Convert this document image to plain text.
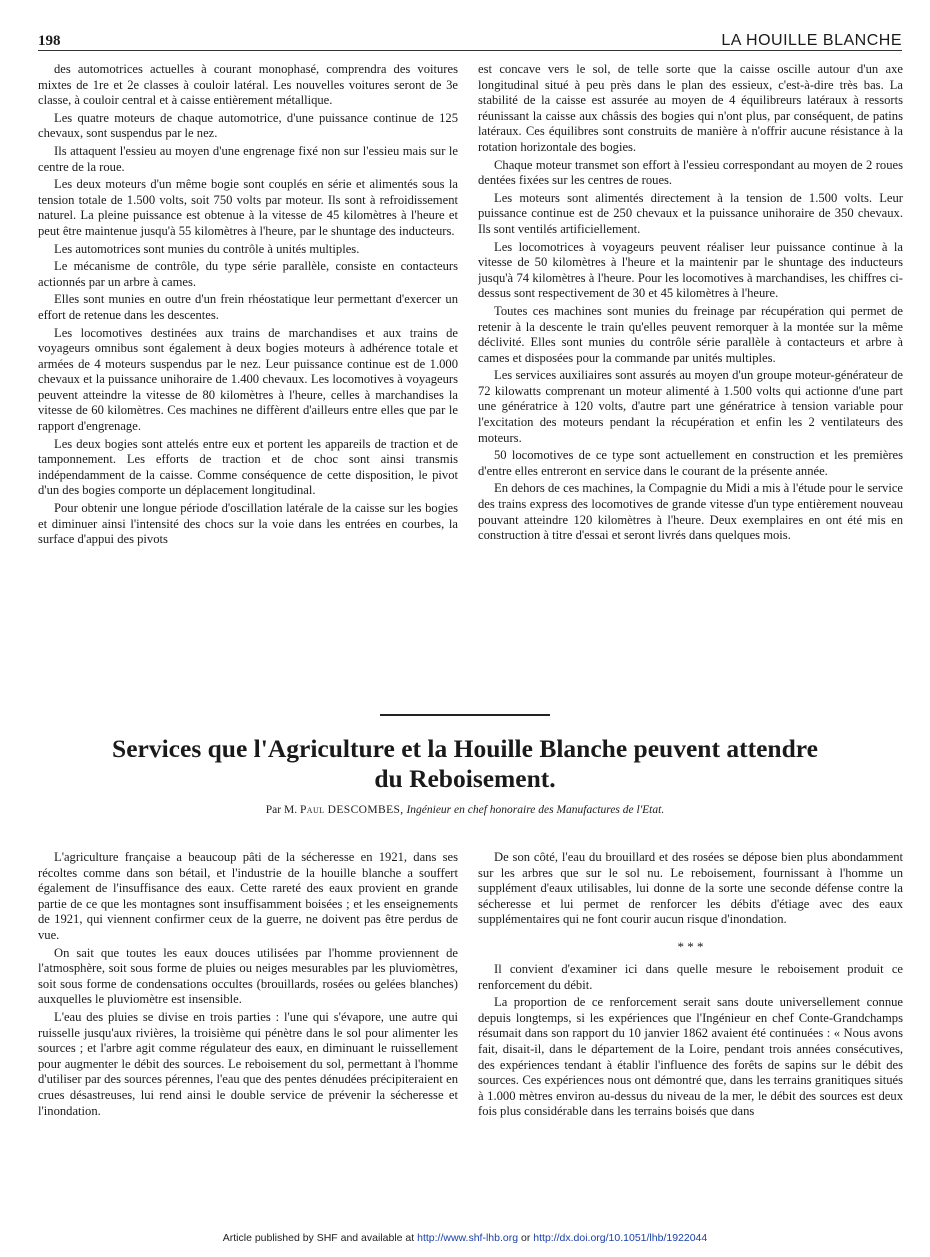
198	LA HOUILLE BLANCHE

des automotrices actuelles à courant monophasé, comprendra des voitures mixtes de 1re et 2e classes à couloir latéral. Les nouvelles voitures seront de 3e classe, à couloir central et à caisse entièrement métallique.

Les quatre moteurs de chaque automotrice, d'une puissance continue de 125 chevaux, sont suspendus par le nez.

Ils attaquent l'essieu au moyen d'une engrenage fixé non sur l'essieu mais sur le centre de la roue.

Les deux moteurs d'un même bogie sont couplés en série et alimentés sous la tension totale de 1.500 volts, soit 750 volts par moteur. Ils sont à refroidissement naturel. La pleine puissance est obtenue à la vitesse de 45 kilomètres à l'heure et peut être maintenue jusqu'à 55 kilomètres à l'heure, par le shuntage des inducteurs.

Les automotrices sont munies du contrôle à unités multiples.

Le mécanisme de contrôle, du type série parallèle, consiste en contacteurs actionnés par un arbre à cames.

Elles sont munies en outre d'un frein rhéostatique leur permettant d'exercer un effort de retenue dans les descentes.

Les locomotives destinées aux trains de marchandises et aux trains de voyageurs omnibus sont également à deux bogies moteurs à adhérence totale et armées de 4 moteurs suspendus par le nez. Leur puissance continue est de 1.000 chevaux et la puissance unihoraire de 1.400 chevaux. Les locomotives à voyageurs peuvent atteindre la vitesse de 80 kilomètres à l'heure, celles à marchandises la vitesse de 60 kilomètres. Ces machines ne diffèrent d'ailleurs entre elles que par le rapport d'engrenage.

Les deux bogies sont attelés entre eux et portent les appareils de traction et de tamponnement. Les efforts de traction et de choc sont ainsi transmis indépendamment de la caisse. Comme conséquence de cette disposition, le pivot d'un des bogies comporte un déplacement longitudinal.

Pour obtenir une longue période d'oscillation latérale de la caisse sur les bogies et diminuer ainsi l'intensité des chocs sur la voie dans les entrées en courbes, la surface d'appui des pivots

est concave vers le sol, de telle sorte que la caisse oscille autour d'un axe longitudinal situé à peu près dans le plan des essieux, c'est-à-dire très bas. La stabilité de la caisse est assurée au moyen de 4 équilibreurs latéraux à ressorts réunissant la caisse aux châssis des bogies qui n'ont plus, par conséquent, de patins latéraux. Ces équilibres sont construits de manière à n'offrir aucune résistance à la rotation horizontale des bogies.

Chaque moteur transmet son effort à l'essieu correspondant au moyen de 2 roues dentées fixées sur les centres de roues.

Les moteurs sont alimentés directement à la tension de 1.500 volts. Leur puissance continue est de 250 chevaux et la puissance unihoraire de 350 chevaux. Ils sont ventilés artificiellement.

Les locomotrices à voyageurs peuvent réaliser leur puissance continue à la vitesse de 50 kilomètres à l'heure et la maintenir par le shuntage des inducteurs jusqu'à 74 kilomètres à l'heure. Pour les locomotives à marchandises, les chiffres ci-dessus sont respectivement de 30 et 45 kilomètres à l'heure.

Toutes ces machines sont munies du freinage par récupération qui permet de retenir à la descente le train qu'elles peuvent remorquer à la montée sur la même déclivité. Elles sont munies du contrôle série parallèle à contacteurs et arbre à cames et disposées pour la commande par unités multiples.

Les services auxiliaires sont assurés au moyen d'un groupe moteur-générateur de 72 kilowatts comprenant un moteur alimenté à 1.500 volts qui actionne d'une part une génératrice à 120 volts, d'autre part une génératrice à tension variable pour l'excitation des moteurs pendant la récupération et enfin les 2 ventilateurs des moteurs.

50 locomotives de ce type sont actuellement en construction et les premières d'entre elles entreront en service dans le courant de la présente année.

En dehors de ces machines, la Compagnie du Midi a mis à l'étude pour le service des trains express des locomotives de grande vitesse d'un type entièrement nouveau pouvant atteindre 120 kilomètres à l'heure. Deux exemplaires en ont été mis en construction à titre d'essai et seront livrés dans quelques mois.

Services que l'Agriculture et la Houille Blanche peuvent attendre
du Reboisement.
Par M. Paul DESCOMBES, Ingénieur en chef honoraire des Manufactures de l'Etat.

L'agriculture française a beaucoup pâti de la sécheresse en 1921, dans ses récoltes comme dans son bétail, et l'industrie de la houille blanche a souffert également de l'insuffisance des eaux. Cette rareté des eaux provient en grande partie de ce que les montagnes sont insuffisamment boisées ; et les enseignements de 1921, qui viennent confirmer ceux de la guerre, ne doivent pas être perdus de vue.

On sait que toutes les eaux douces utilisées par l'homme proviennent de l'atmosphère, soit sous forme de pluies ou neiges mesurables par les pluviomètres, soit sous forme de condensations occultes (brouillards, rosées ou gelées blanches) auxquelles le pluviomètre est insensible.

L'eau des pluies se divise en trois parties : l'une qui s'évapore, une autre qui ruisselle jusqu'aux rivières, la troisième qui pénètre dans le sol pour alimenter les sources ; et l'arbre agit comme régulateur des eaux, en diminuant le ruissellement pour augmenter le débit des sources. Le reboisement du sol, permettant à l'homme d'utiliser par des sources pérennes, l'eau que des pentes dénudées précipiteraient en crues désastreuses, lui rend ainsi le double service de prévenir la sécheresse et l'inondation.

De son côté, l'eau du brouillard et des rosées se dépose bien plus abondamment sur les arbres que sur le sol nu. Le reboisement, fournissant à l'homme un supplément d'eaux utilisables, lui donne de la sorte une seconde défense contre la sécheresse et lui permet de renforcer les débits d'étiage avec des eaux supplémentaires qui ne font courir aucun risque d'inondation.

* * *

Il convient d'examiner ici dans quelle mesure le reboisement produit ce renforcement du débit.

La proportion de ce renforcement serait sans doute universellement connue depuis longtemps, si les expériences que l'Ingénieur en chef Conte-Grandchamps résumait dans son rapport du 10 janvier 1862 avaient été continuées : « Nous avons fait, disait-il, dans le département de la Loire, pendant trois années consécutives, des expériences tendant à établir l'influence des forêts de sapins sur le débit des sources. Ces expériences nous ont démontré que, dans les terrains granitiques situés à 1.000 mètres environ au-dessus du niveau de la mer, le débit des sources est deux fois plus considérable dans les terrains boisés que dans

Article published by SHF and available at http://www.shf-lhb.org or http://dx.doi.org/10.1051/lhb/1922044
